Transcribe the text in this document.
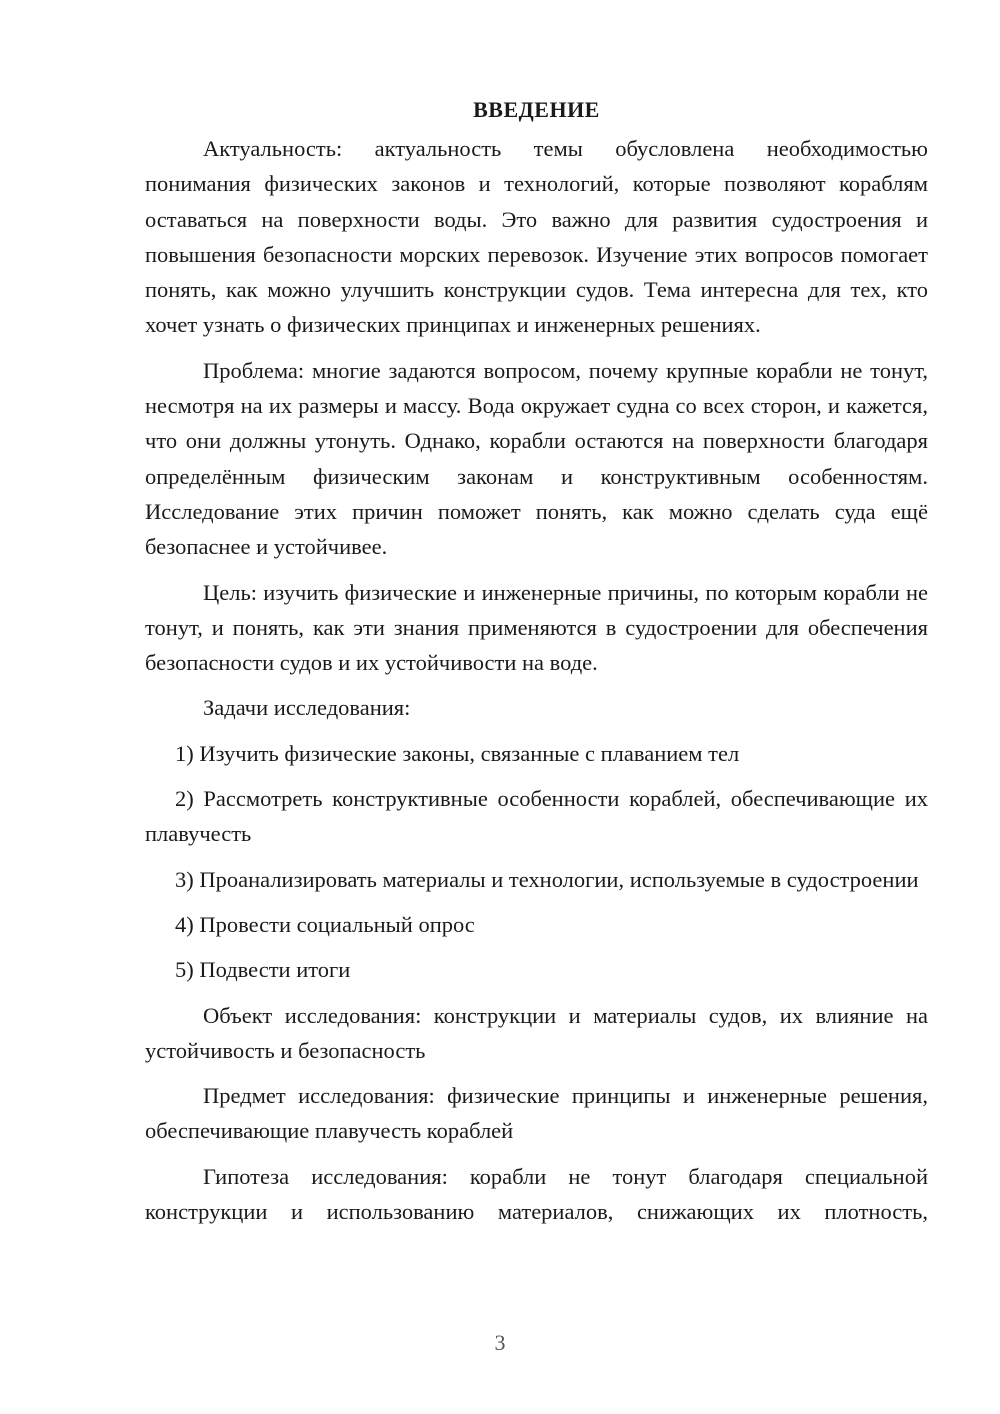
ВВЕДЕНИЕ

Актуальность: актуальность темы обусловлена необходимостью понимания физических законов и технологий, которые позволяют кораблям оставаться на поверхности воды. Это важно для развития судостроения и повышения безопасности морских перевозок. Изучение этих вопросов помогает понять, как можно улучшить конструкции судов. Тема интересна для тех, кто хочет узнать о физических принципах и инженерных решениях.

Проблема: многие задаются вопросом, почему крупные корабли не тонут, несмотря на их размеры и массу. Вода окружает судна со всех сторон, и кажется, что они должны утонуть. Однако, корабли остаются на поверхности благодаря определённым физическим законам и конструктивным особенностям. Исследование этих причин поможет понять, как можно сделать суда ещё безопаснее и устойчивее.

Цель: изучить физические и инженерные причины, по которым корабли не тонут, и понять, как эти знания применяются в судостроении для обеспечения безопасности судов и их устойчивости на воде.

Задачи исследования:

1) Изучить физические законы, связанные с плаванием тел

2) Рассмотреть конструктивные особенности кораблей, обеспечивающие их плавучесть

3) Проанализировать материалы и технологии, используемые в судостроении

4) Провести социальный опрос

5) Подвести итоги

Объект исследования: конструкции и материалы судов, их влияние на устойчивость и безопасность

Предмет исследования: физические принципы и инженерные решения, обеспечивающие плавучесть кораблей

Гипотеза исследования: корабли не тонут благодаря специальной конструкции и использованию материалов, снижающих их плотность,

3
